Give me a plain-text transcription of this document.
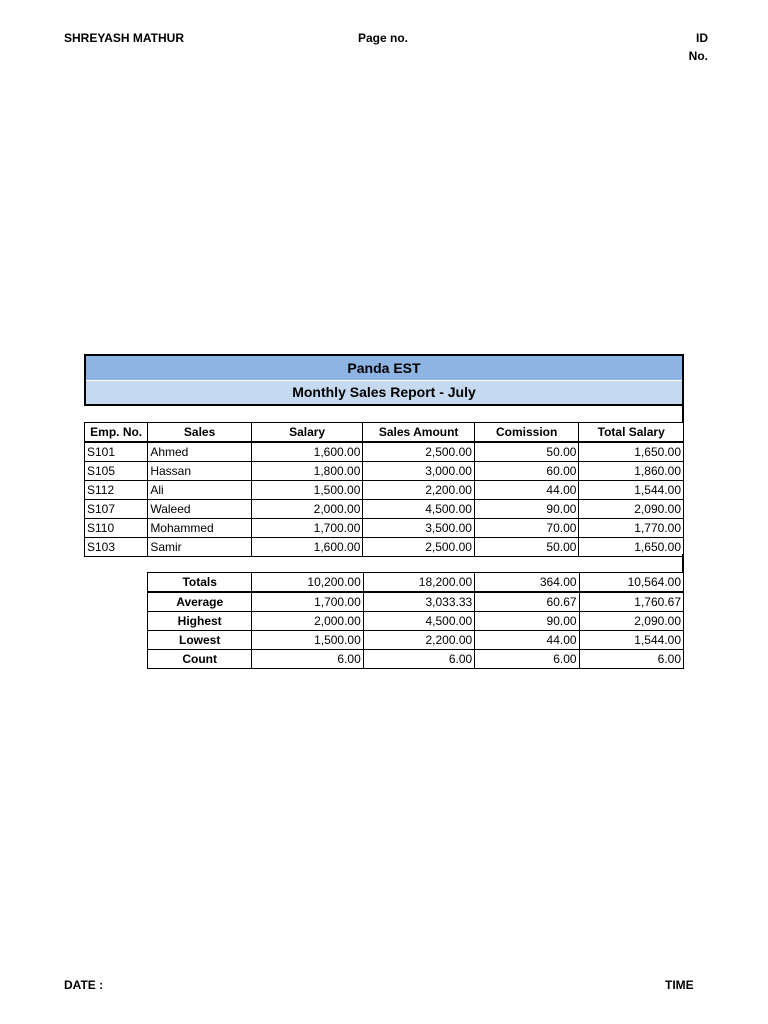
SHREYASH MATHUR	Page no.	ID
No.
Panda EST
Monthly Sales Report - July
Emp. No.	Sales	Salary	Sales Amount	Comission	Total Salary
S101	Ahmed	1,600.00	2,500.00	50.00	1,650.00
S105	Hassan	1,800.00	3,000.00	60.00	1,860.00
S112	Ali	1,500.00	2,200.00	44.00	1,544.00
S107	Waleed	2,000.00	4,500.00	90.00	2,090.00
S110	Mohammed	1,700.00	3,500.00	70.00	1,770.00
S103	Samir	1,600.00	2,500.00	50.00	1,650.00
Totals	10,200.00	18,200.00	364.00	10,564.00
Average	1,700.00	3,033.33	60.67	1,760.67
Highest	2,000.00	4,500.00	90.00	2,090.00
Lowest	1,500.00	2,200.00	44.00	1,544.00
Count	6.00	6.00	6.00	6.00
DATE :	TIME
